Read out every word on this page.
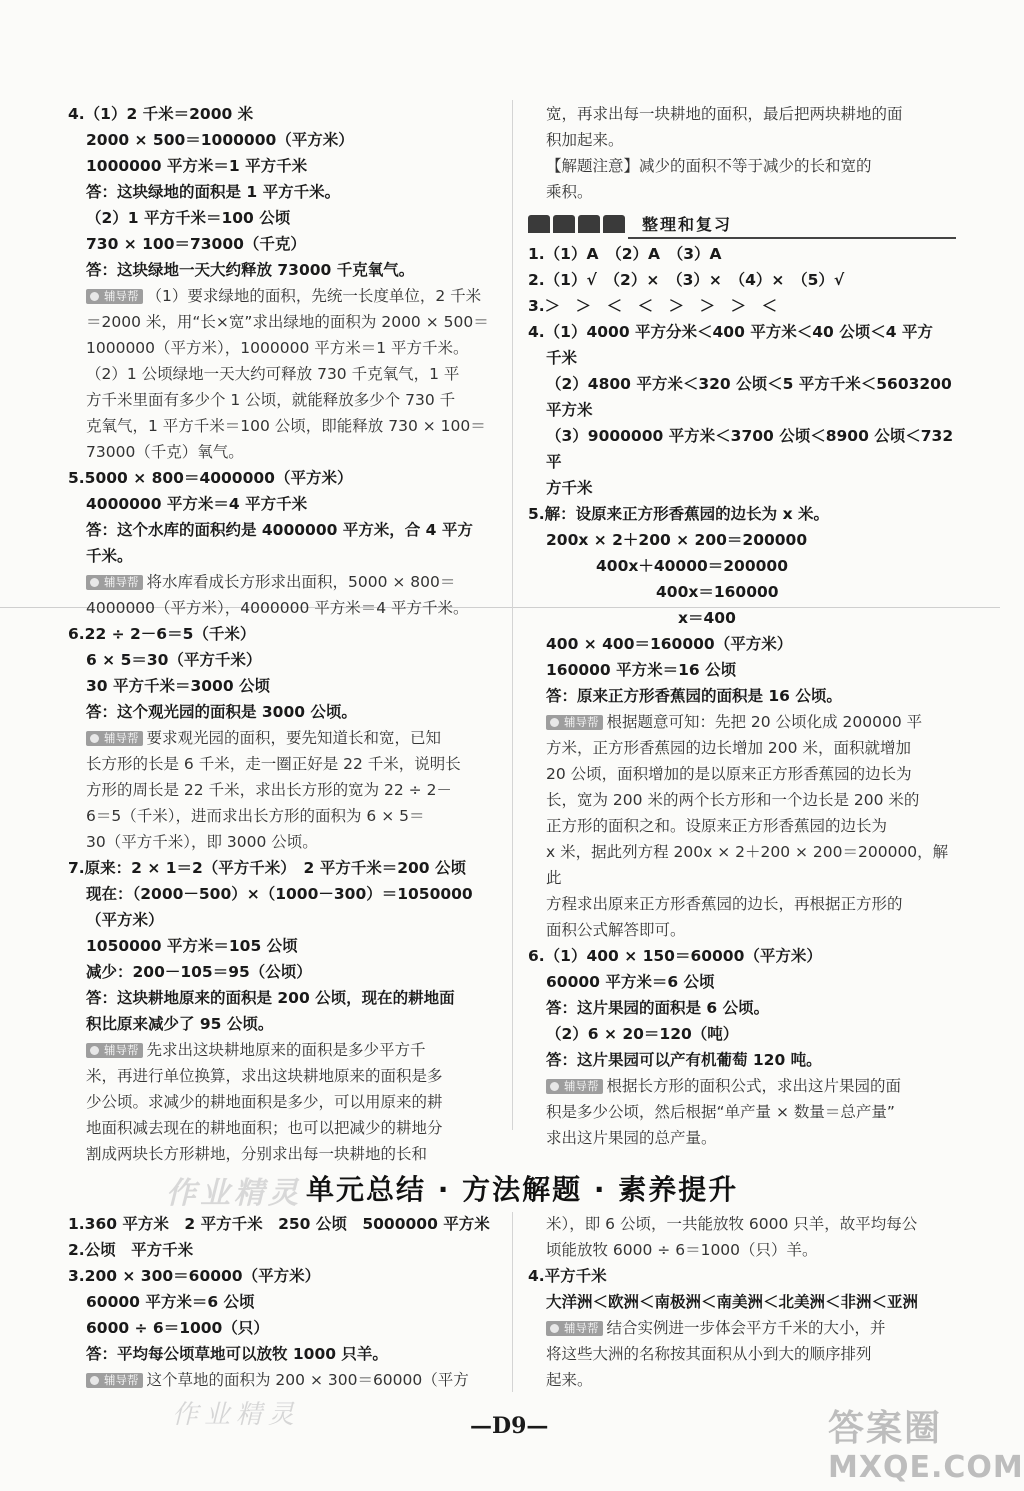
4.（1）2 千米＝2000 米
2000 × 500＝1000000（平方米）
1000000 平方米＝1 平方千米
答：这块绿地的面积是 1 平方千米。
（2）1 平方千米＝100 公顷
730 × 100＝73000（千克）
答：这块绿地一天大约释放 73000 千克氧气。
辅导帮 （1）要求绿地的面积，先统一长度单位，2 千米
＝2000 米，用“长×宽”求出绿地的面积为 2000 × 500＝
1000000（平方米），1000000 平方米＝1 平方千米。
（2）1 公顷绿地一天大约可释放 730 千克氧气，1 平
方千米里面有多少个 1 公顷，就能释放多少个 730 千
克氧气，1 平方千米＝100 公顷，即能释放 730 × 100＝
73000（千克）氧气。
5.5000 × 800＝4000000（平方米）
4000000 平方米＝4 平方千米
答：这个水库的面积约是 4000000 平方米，合 4 平方
千米。
辅导帮 将水库看成长方形求出面积，5000 × 800＝
4000000（平方米），4000000 平方米＝4 平方千米。
6.22 ÷ 2－6＝5（千米）
6 × 5＝30（平方千米）
30 平方千米＝3000 公顷
答：这个观光园的面积是 3000 公顷。
辅导帮 要求观光园的面积，要先知道长和宽，已知
长方形的长是 6 千米，走一圈正好是 22 千米，说明长
方形的周长是 22 千米，求出长方形的宽为 22 ÷ 2－
6＝5（千米），进而求出长方形的面积为 6 × 5＝
30（平方千米），即 3000 公顷。
7.原来：2 × 1＝2（平方千米）　2 平方千米＝200 公顷
现在：（2000－500）×（1000－300）＝1050000（平方米）
1050000 平方米＝105 公顷
减少：200－105＝95（公顷）
答：这块耕地原来的面积是 200 公顷，现在的耕地面
积比原来减少了 95 公顷。
辅导帮 先求出这块耕地原来的面积是多少平方千
米，再进行单位换算，求出这块耕地原来的面积是多
少公顷。求减少的耕地面积是多少，可以用原来的耕
地面积减去现在的耕地面积；也可以把减少的耕地分
割成两块长方形耕地，分别求出每一块耕地的长和
宽，再求出每一块耕地的面积，最后把两块耕地的面
积加起来。
【解题注意】减少的面积不等于减少的长和宽的
乘积。
整理和复习
1.（1）A　（2）A　（3）A
2.（1）√　（2）×　（3）×　（4）×　（5）√
3.＞　＞　＜　＜　＞　＞　＞　＜
4.（1）4000 平方分米＜400 平方米＜40 公顷＜4 平方
千米
（2）4800 平方米＜320 公顷＜5 平方千米＜5603200
平方米
（3）9000000 平方米＜3700 公顷＜8900 公顷＜732 平
方千米
5.解：设原来正方形香蕉园的边长为 x 米。
200x × 2＋200 × 200＝200000
400x＋40000＝200000
400x＝160000
x＝400
400 × 400＝160000（平方米）
160000 平方米＝16 公顷
答：原来正方形香蕉园的面积是 16 公顷。
辅导帮 根据题意可知：先把 20 公顷化成 200000 平
方米，正方形香蕉园的边长增加 200 米，面积就增加
20 公顷，面积增加的是以原来正方形香蕉园的边长为
长，宽为 200 米的两个长方形和一个边长是 200 米的
正方形的面积之和。设原来正方形香蕉园的边长为
x 米，据此列方程 200x × 2＋200 × 200＝200000，解此
方程求出原来正方形香蕉园的边长，再根据正方形的
面积公式解答即可。
6.（1）400 × 150＝60000（平方米）
60000 平方米＝6 公顷
答：这片果园的面积是 6 公顷。
（2）6 × 20＝120（吨）
答：这片果园可以产有机葡萄 120 吨。
辅导帮 根据长方形的面积公式，求出这片果园的面
积是多少公顷，然后根据“单产量 × 数量＝总产量”
求出这片果园的总产量。
作业精灵 单元总结 · 方法解题 · 素养提升
1.360 平方米　2 平方千米　250 公顷　5000000 平方米
2.公顷　平方千米
3.200 × 300＝60000（平方米）
60000 平方米＝6 公顷
6000 ÷ 6＝1000（只）
答：平均每公顷草地可以放牧 1000 只羊。
辅导帮 这个草地的面积为 200 × 300＝60000（平方
米），即 6 公顷，一共能放牧 6000 只羊，故平均每公
顷能放牧 6000 ÷ 6＝1000（只）羊。
4.平方千米
大洋洲＜欧洲＜南极洲＜南美洲＜北美洲＜非洲＜亚洲
辅导帮 结合实例进一步体会平方千米的大小，并
将这些大洲的名称按其面积从小到大的顺序排列
起来。
作业精灵	—D9—	答案圈
MXQE.COM
